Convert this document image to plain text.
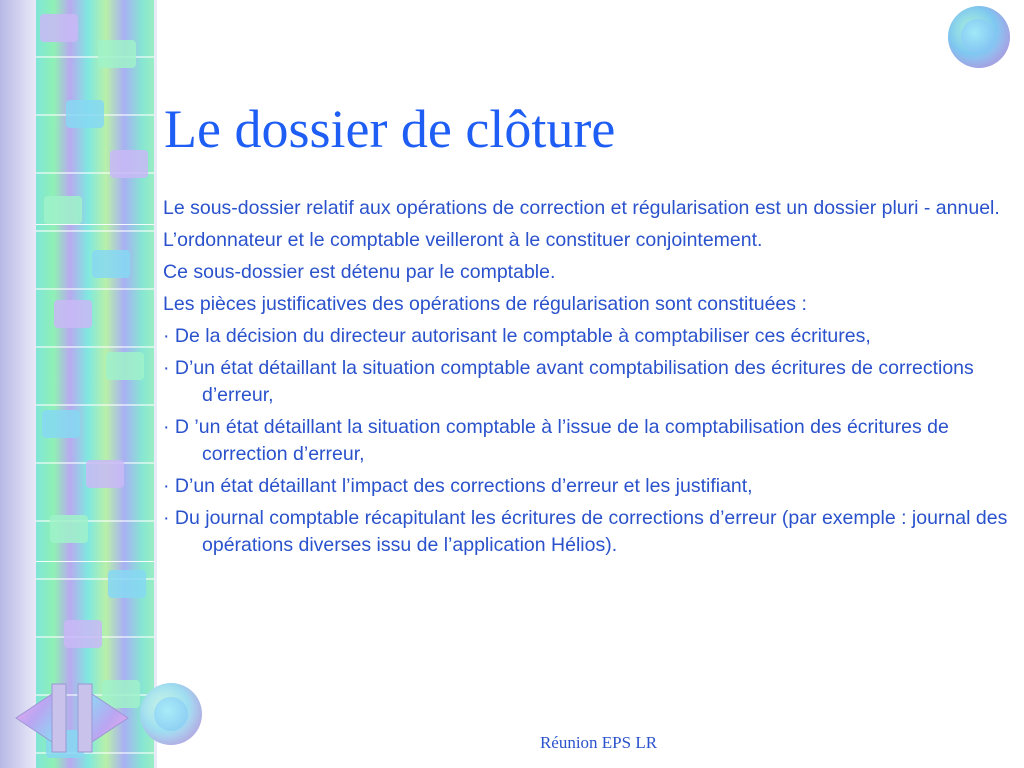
Le dossier de clôture

Le sous-dossier relatif aux opérations de correction et régularisation est un dossier pluri - annuel.

L’ordonnateur et le comptable veilleront à le constituer conjointement.

Ce sous-dossier est détenu par le comptable.

Les pièces justificatives des opérations de régularisation sont constituées :

· De la décision du directeur autorisant le comptable à comptabiliser ces écritures,

· D’un état détaillant la situation comptable avant comptabilisation des écritures de corrections d’erreur,

· D ’un état détaillant la situation comptable à l’issue de la comptabilisation des écritures de correction d’erreur,

· D’un état détaillant l’impact des corrections d’erreur et les justifiant,

· Du journal comptable récapitulant les écritures de corrections d’erreur (par exemple : journal des opérations diverses issu de l’application Hélios).

Réunion EPS LR
